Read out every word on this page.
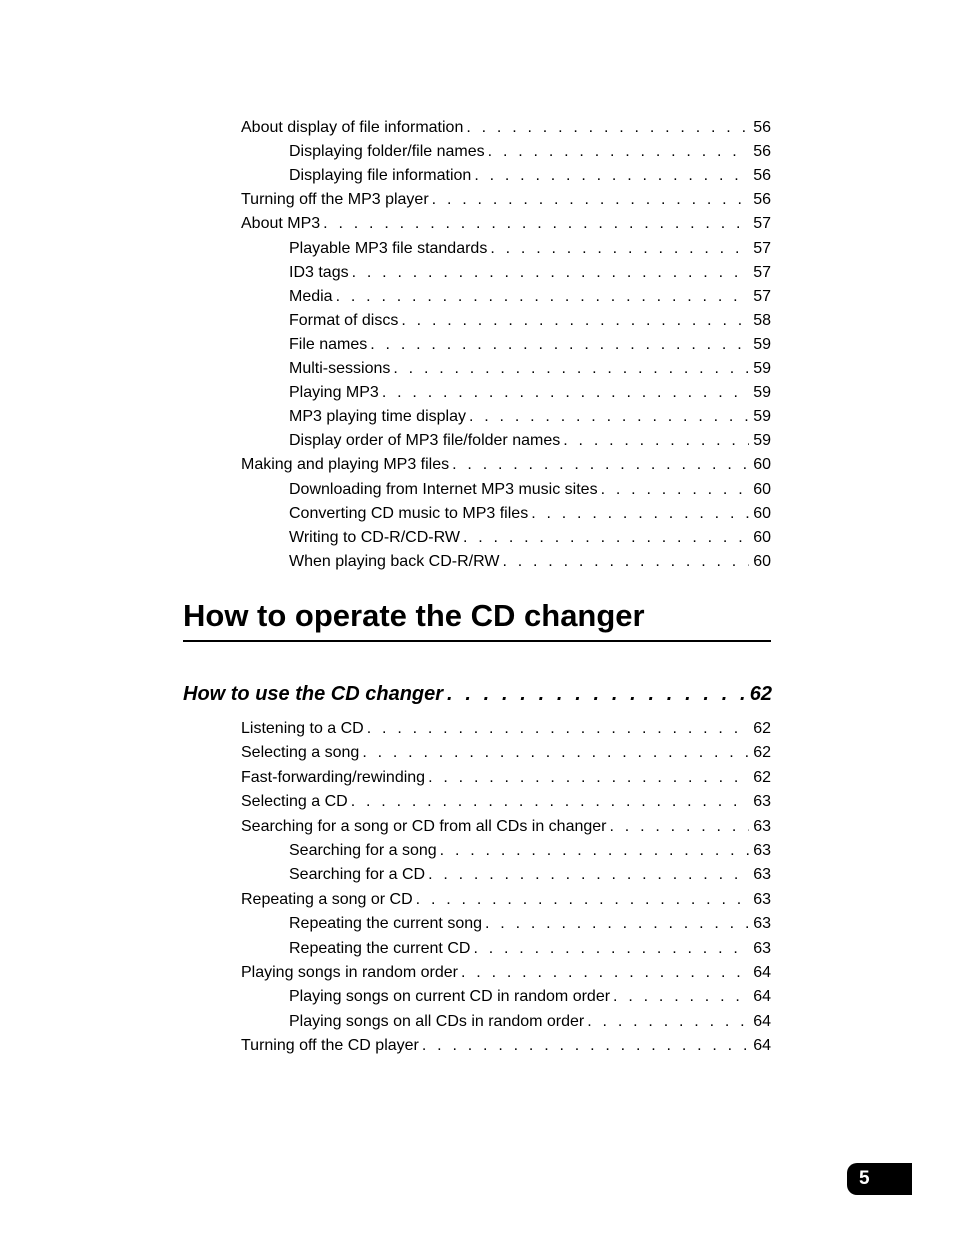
About display of file information . . .	56
Displaying folder/file names . . .	56
Displaying file information . . .	56
Turning off the MP3 player . . .	56
About MP3 . . .	57
Playable MP3 file standards . . .	57
ID3 tags . . .	57
Media . . .	57
Format of discs . . .	58
File names . . .	59
Multi-sessions . . .	59
Playing MP3 . . .	59
MP3 playing time display . . .	59
Display order of MP3 file/folder names . . .	59
Making and playing MP3 files . . .	60
Downloading from Internet MP3 music sites . . .	60
Converting CD music to MP3 files . . .	60
Writing to CD-R/CD-RW . . .	60
When playing back CD-R/RW . . .	60
How to operate the CD changer
How to use the CD changer . . .	62
Listening to a CD . . .	62
Selecting a song . . .	62
Fast-forwarding/rewinding . . .	62
Selecting a CD . . .	63
Searching for a song or CD from all CDs in changer . . .	63
Searching for a song . . .	63
Searching for a CD . . .	63
Repeating a song or CD . . .	63
Repeating the current song . . .	63
Repeating the current CD . . .	63
Playing songs in random order . . .	64
Playing songs on current CD in random order . . .	64
Playing songs on all CDs in random order . . .	64
Turning off the CD player . . .	64
5
